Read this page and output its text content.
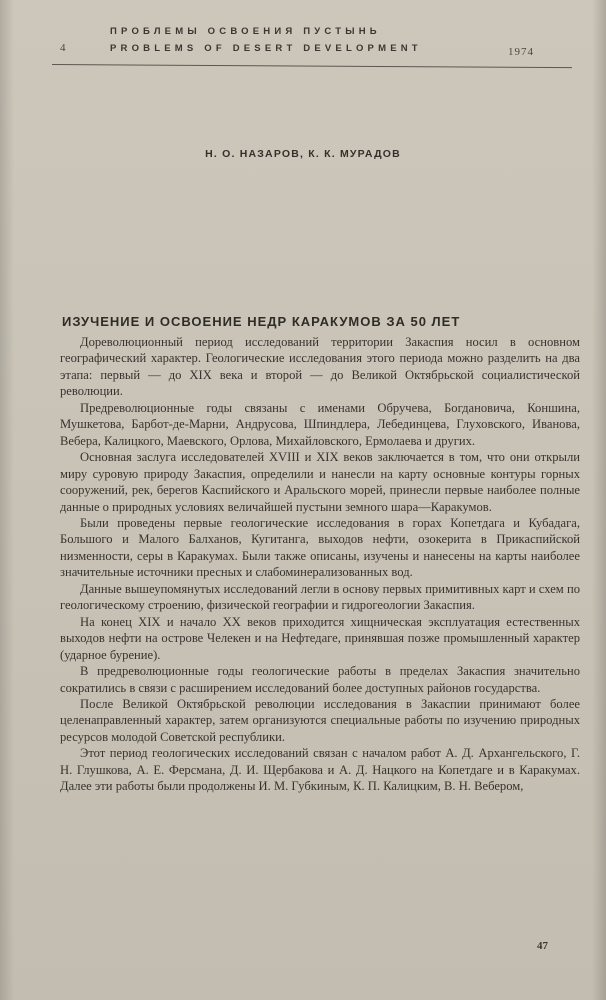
4
ПРОБЛЕМЫ ОСВОЕНИЯ ПУСТЫНЬ
PROBLEMS OF DESERT DEVELOPMENT	1974
Н. О. НАЗАРОВ, К. К. МУРАДОВ
ИЗУЧЕНИЕ И ОСВОЕНИЕ НЕДР КАРАКУМОВ ЗА 50 ЛЕТ

Дореволюционный период исследований территории Закаспия носил в основном географический характер. Геологические исследования этого периода можно разделить на два этапа: первый — до XIX века и второй — до Великой Октябрьской социалистической революции.

Предреволюционные годы связаны с именами Обручева, Богдановича, Коншина, Мушкетова, Барбот-де-Марни, Андрусова, Шпиндлера, Лебединцева, Глуховского, Иванова, Вебера, Калицкого, Маевского, Орлова, Михайловского, Ермолаева и других.

Основная заслуга исследователей XVIII и XIX веков заключается в том, что они открыли миру суровую природу Закаспия, определили и нанесли на карту основные контуры горных сооружений, рек, берегов Каспийского и Аральского морей, принесли первые наиболее полные данные о природных условиях величайшей пустыни земного шара—Каракумов.

Были проведены первые геологические исследования в горах Копетдага и Кубадага, Большого и Малого Балханов, Кугитанга, выходов нефти, озокерита в Прикаспийской низменности, серы в Каракумах. Были также описаны, изучены и нанесены на карты наиболее значительные источники пресных и слабоминерализованных вод.

Данные вышеупомянутых исследований легли в основу первых примитивных карт и схем по геологическому строению, физической географии и гидрогеологии Закаспия.

На конец XIX и начало XX веков приходится хищническая эксплуатация естественных выходов нефти на острове Челекен и на Нефтедаге, принявшая позже промышленный характер (ударное бурение).

В предреволюционные годы геологические работы в пределах Закаспия значительно сократились в связи с расширением исследований более доступных районов государства.

После Великой Октябрьской революции исследования в Закаспии принимают более целенаправленный характер, затем организуются специальные работы по изучению природных ресурсов молодой Советской республики.

Этот период геологических исследований связан с началом работ А. Д. Архангельского, Г. Н. Глушкова, А. Е. Ферсмана, Д. И. Щербакова и А. Д. Нацкого на Копетдаге и в Каракумах. Далее эти работы были продолжены И. М. Губкиным, К. П. Калицким, В. Н. Вебером,

47
